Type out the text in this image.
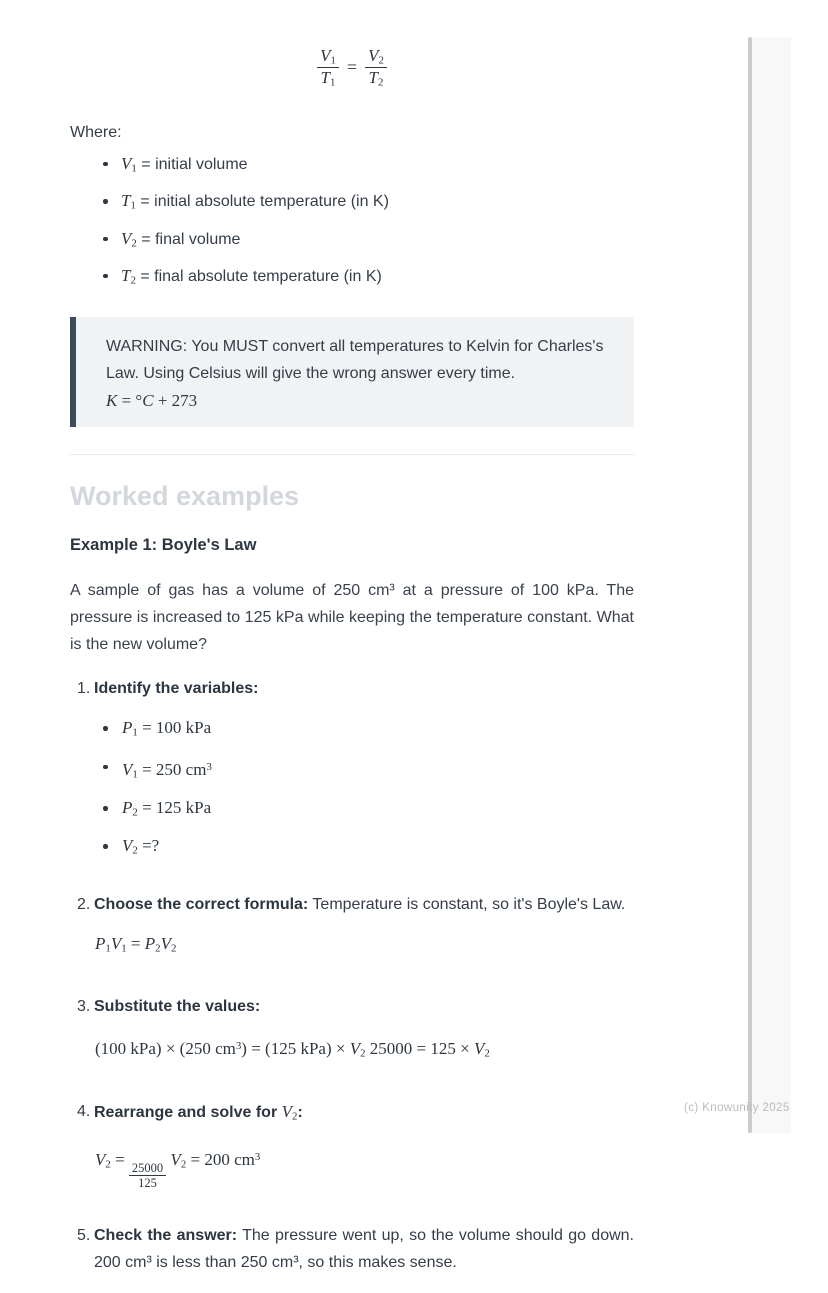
$\frac{V1}{T1} = \frac{V2}{T2}$
Where:
V1 = initial volume
T1 = initial absolute temperature (in K)
V2 = final volume
T2 = final absolute temperature (in K)
WARNING: You MUST convert all temperatures to Kelvin for Charles's Law. Using Celsius will give the wrong answer every time.
K = °C + 273
Worked examples
Example 1: Boyle's Law

A sample of gas has a volume of 250 cm³ at a pressure of 100 kPa. The pressure is increased to 125 kPa while keeping the temperature constant. What is the new volume?

1. Identify the variables:
P1 = 100 kPa
V1 = 250 $cm^3$
P2 = 125 kPa
V2 =?
2. Choose the correct formula: Temperature is constant, so it's Boyle's Law.
P1V1 = P2V2
3. Substitute the values:
(100 kPa) × (250 $cm^3) = (125$ kPa) × V2 25000 = 125 × V2
4. Rearrange and solve for V2:
V2 =
$\frac{25000}{125}$
V2 = 200 $cm^3$
5. Check the answer: The pressure went up, so the volume should go down. 200 cm³ is less than 250 cm³, so this makes sense.
(c) Knowunity 2025
